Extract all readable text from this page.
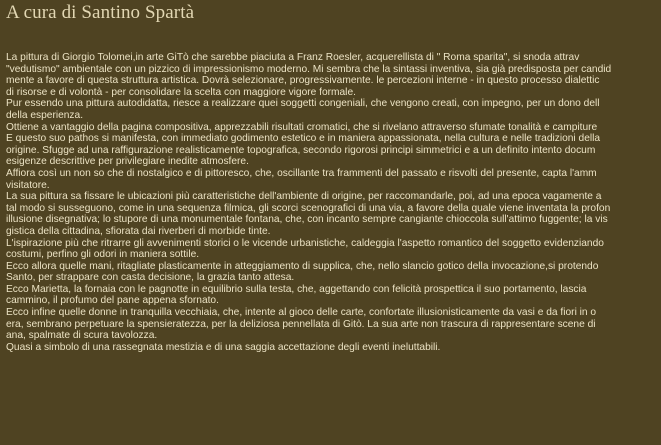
A cura di Santino Spartà
La pittura di Giorgio Tolomei,in arte GiTò che sarebbe piaciuta a Franz Roesler, acquerellista di " Roma sparita", si snoda attrav
"vedutismo" ambientale con un pizzico di impressionismo moderno. Mi sembra che la sintassi inventiva, sia già predisposta per candid
mente a favore di questa struttura artistica. Dovrà selezionare, progressivamente. le percezioni interne - in questo processo dialettic
di risorse e di volontà - per consolidare la scelta con maggiore vigore formale.
Pur essendo una pittura autodidatta, riesce a realizzare quei soggetti congeniali, che vengono creati, con impegno, per un dono dell
della esperienza.
Ottiene a vantaggio della pagina compositiva, apprezzabili risultati cromatici, che si rivelano attraverso sfumate tonalità e campiture
E questo suo pathos si manifesta, con immediato godimento estetico e in maniera appassionata, nella cultura e nelle tradizioni della
origine. Sfugge ad una raffigurazione realisticamente topografica, secondo rigorosi principi simmetrici e a un definito intento docum
esigenze descrittive per privilegiare inedite atmosfere.
Affiora così un non so che di nostalgico e di pittoresco, che, oscillante tra frammenti del passato e risvolti del presente, capta l'amm
visitatore.
La sua pittura sa fissare le ubicazioni più caratteristiche dell'ambiente di origine, per raccomandarle, poi, ad una epoca vagamente a
tal modo si susseguono, come in una sequenza filmica, gli scorci scenografici di una via, a favore della quale viene inventata la profon
illusione disegnativa; lo stupore di una monumentale fontana, che, con incanto sempre cangiante chioccola sull'attimo fuggente; la vis
gistica della cittadina, sfiorata dai riverberi di morbide tinte.
L'ispirazione più che ritrarre gli avvenimenti storici o le vicende urbanistiche, caldeggia l'aspetto romantico del soggetto evidenziando
costumi, perfino gli odori in maniera sottile.
Ecco allora quelle mani, ritagliate plasticamente in atteggiamento di supplica, che, nello slancio gotico della invocazione,si protendo
Santo, per strappare con casta decisione, la grazia tanto attesa.
Ecco Marietta, la fornaia con le pagnotte in equilibrio sulla testa, che, aggettando con felicità prospettica il suo portamento, lascia
cammino, il profumo del pane appena sfornato.
Ecco infine quelle donne in tranquilla vecchiaia, che, intente al gioco delle carte, confortate illusionisticamente da vasi e da fiori in o
era, sembrano perpetuare la spensieratezza, per la deliziosa pennellata di Gitò. La sua arte non trascura di rappresentare scene di
ana, spalmate di scura tavolozza.
Quasi a simbolo di una rassegnata mestizia e di una saggia accettazione degli eventi ineluttabili.
